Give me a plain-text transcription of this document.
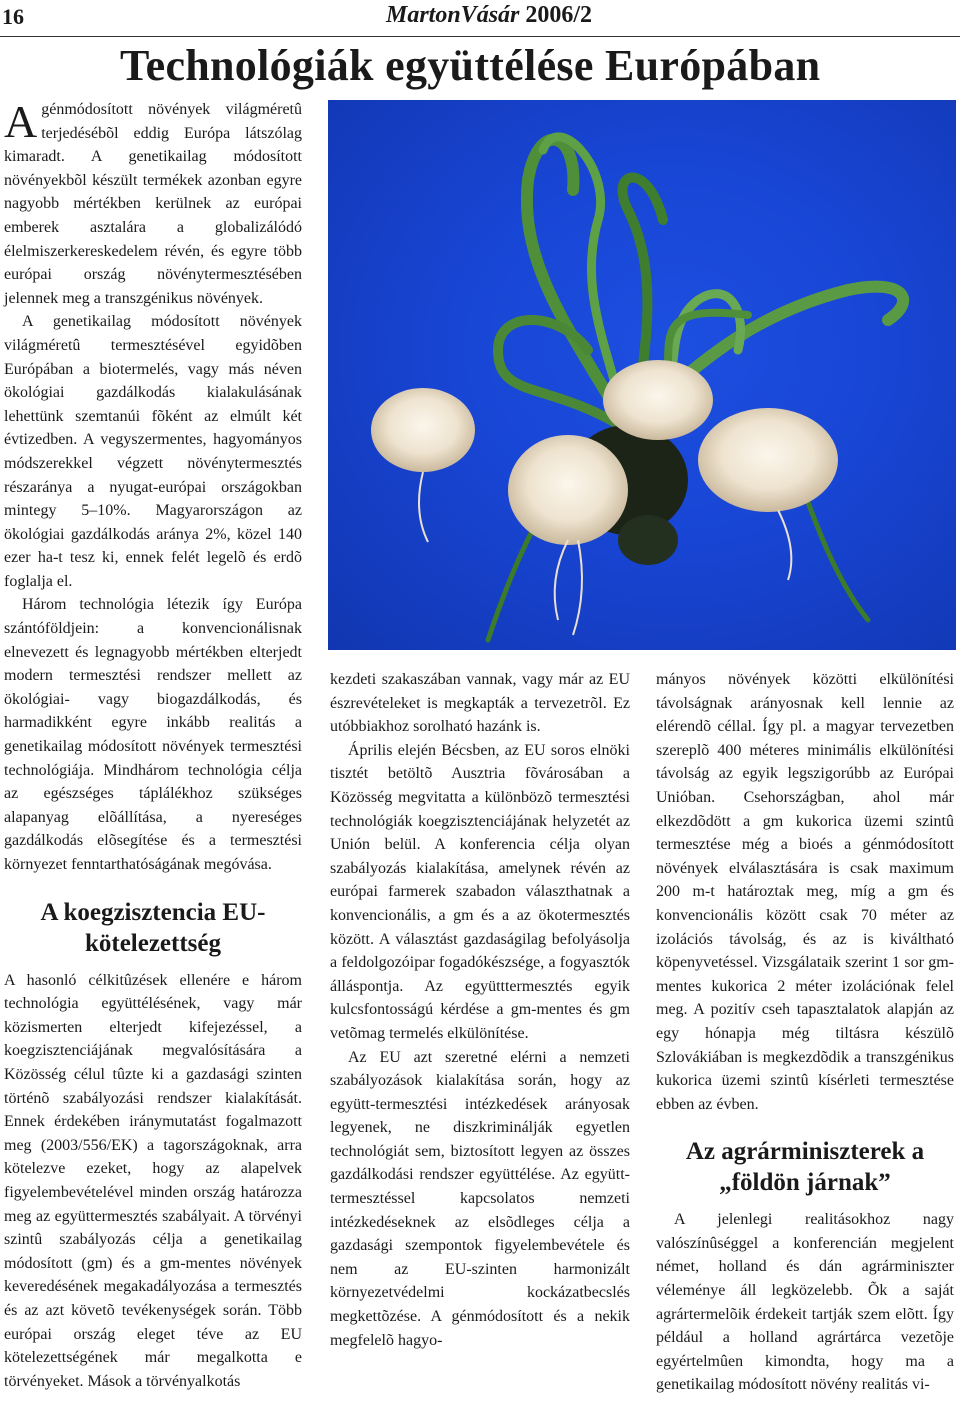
16	MartonVásár 2006/2
Technológiák együttélése Európában

Agénmódosított növények világméretû terjedésébõl eddig Európa látszólag kimaradt. A genetikailag módosított növényekbõl készült termékek azonban egyre nagyobb mértékben kerülnek az európai emberek asztalára a globalizálódó élelmiszerkereskedelem révén, és egyre több európai ország növénytermesztésében jelennek meg a transzgénikus növények.

A genetikailag módosított növények világméretû termesztésével egyidõben Európában a biotermelés, vagy más néven ökológiai gazdálkodás kialakulásának lehettünk szemtanúi fõként az elmúlt két évtizedben. A vegyszermentes, hagyományos módszerekkel végzett növénytermesztés részaránya a nyugat-európai országokban mintegy 5–10%. Magyarországon az ökológiai gazdálkodás aránya 2%, közel 140 ezer ha-t tesz ki, ennek felét legelõ és erdõ foglalja el.

Három technológia létezik így Európa szántóföldjein: a konvencionálisnak elnevezett és legnagyobb mértékben elterjedt modern termesztési rendszer mellett az ökológiai- vagy biogazdálkodás, és harmadikként egyre inkább realitás a genetikailag módosított növények termesztési technológiája. Mindhárom technológia célja az egészséges táplálékhoz szükséges alapanyag elõállítása, a nyereséges gazdálkodás elõsegítése és a termesztési környezet fenntarthatóságának megóvása.

A koegzisztencia EU-kötelezettség

A hasonló célkitûzések ellenére e három technológia együttélésének, vagy már közismerten elterjedt kifejezéssel, a koegzisztenciájának megvalósítására a Közösség célul tûzte ki a gazdasági szinten történõ szabályozási rendszer kialakítását. Ennek érdekében iránymutatást fogalmazott meg (2003/556/EK) a tagországoknak, arra kötelezve ezeket, hogy az alapelvek figyelembevételével minden ország határozza meg az együttermesztés szabályait. A törvényi szintû szabályozás célja a genetikailag módosított (gm) és a gm-mentes növények keveredésének megakadályozása a termesztés és az azt követõ tevékenységek során. Több európai ország eleget téve az EU kötelezettségének már megalkotta e törvényeket. Mások a törvényalkotás

kezdeti szakaszában vannak, vagy már az EU észrevételeket is megkapták a tervezetrõl. Ez utóbbiakhoz sorolható hazánk is.

Április elején Bécsben, az EU soros elnöki tisztét betöltõ Ausztria fõvárosában a Közösség megvitatta a különbözõ termesztési technológiák koegzisztenciájának helyzetét az Unión belül. A konferencia célja olyan szabályozás kialakítása, amelynek révén az európai farmerek szabadon választhatnak a konvencionális, a gm és a az ökotermesztés között. A választást gazdaságilag befolyásolja a feldolgozóipar fogadókészsége, a fogyasztók álláspontja. Az együtttermesztés egyik kulcsfontosságú kérdése a gm-mentes és gm vetõmag termelés elkülönítése.

Az EU azt szeretné elérni a nemzeti szabályozások kialakítása során, hogy az együtt-termesztési intézkedések arányosak legyenek, ne diszkriminálják egyetlen technológiát sem, biztosított legyen az összes gazdálkodási rendszer együttélése. Az együtt-termesztéssel kapcsolatos nemzeti intézkedéseknek az elsõdleges célja a gazdasági szempontok figyelembevétele és nem az EU-szinten harmonizált környezetvédelmi kockázatbecslés megkettõzése. A génmódosított és a nekik megfelelõ hagyo-

mányos növények közötti elkülönítési távolságnak arányosnak kell lennie az elérendõ céllal. Így pl. a magyar tervezetben szereplõ 400 méteres minimális elkülönítési távolság az egyik legszigorúbb az Európai Unióban. Csehországban, ahol már elkezdõdött a gm kukorica üzemi szintû termesztése még a bioés a génmódosított növények elválasztására is csak maximum 200 m-t határoztak meg, míg a gm és konvencionális között csak 70 méter az izolációs távolság, és az is kiváltható köpenyvetéssel. Vizsgálataik szerint 1 sor gm-mentes kukorica 2 méter izolációnak felel meg. A pozitív cseh tapasztalatok alapján az egy hónapja még tiltásra készülõ Szlovákiában is megkezdõdik a transzgénikus kukorica üzemi szintû kísérleti termesztése ebben az évben.

Az agrárminiszterek a „földön járnak”

A jelenlegi realitásokhoz nagy valószínûséggel a konferencián megjelent német, holland és dán agrárminiszter véleménye áll legközelebb. Õk a saját agrártermelõik érdekeit tartják szem elõtt. Így például a holland agrártárca vezetõje egyértelmûen kimondta, hogy ma a genetikailag módosított növény realitás vi-
